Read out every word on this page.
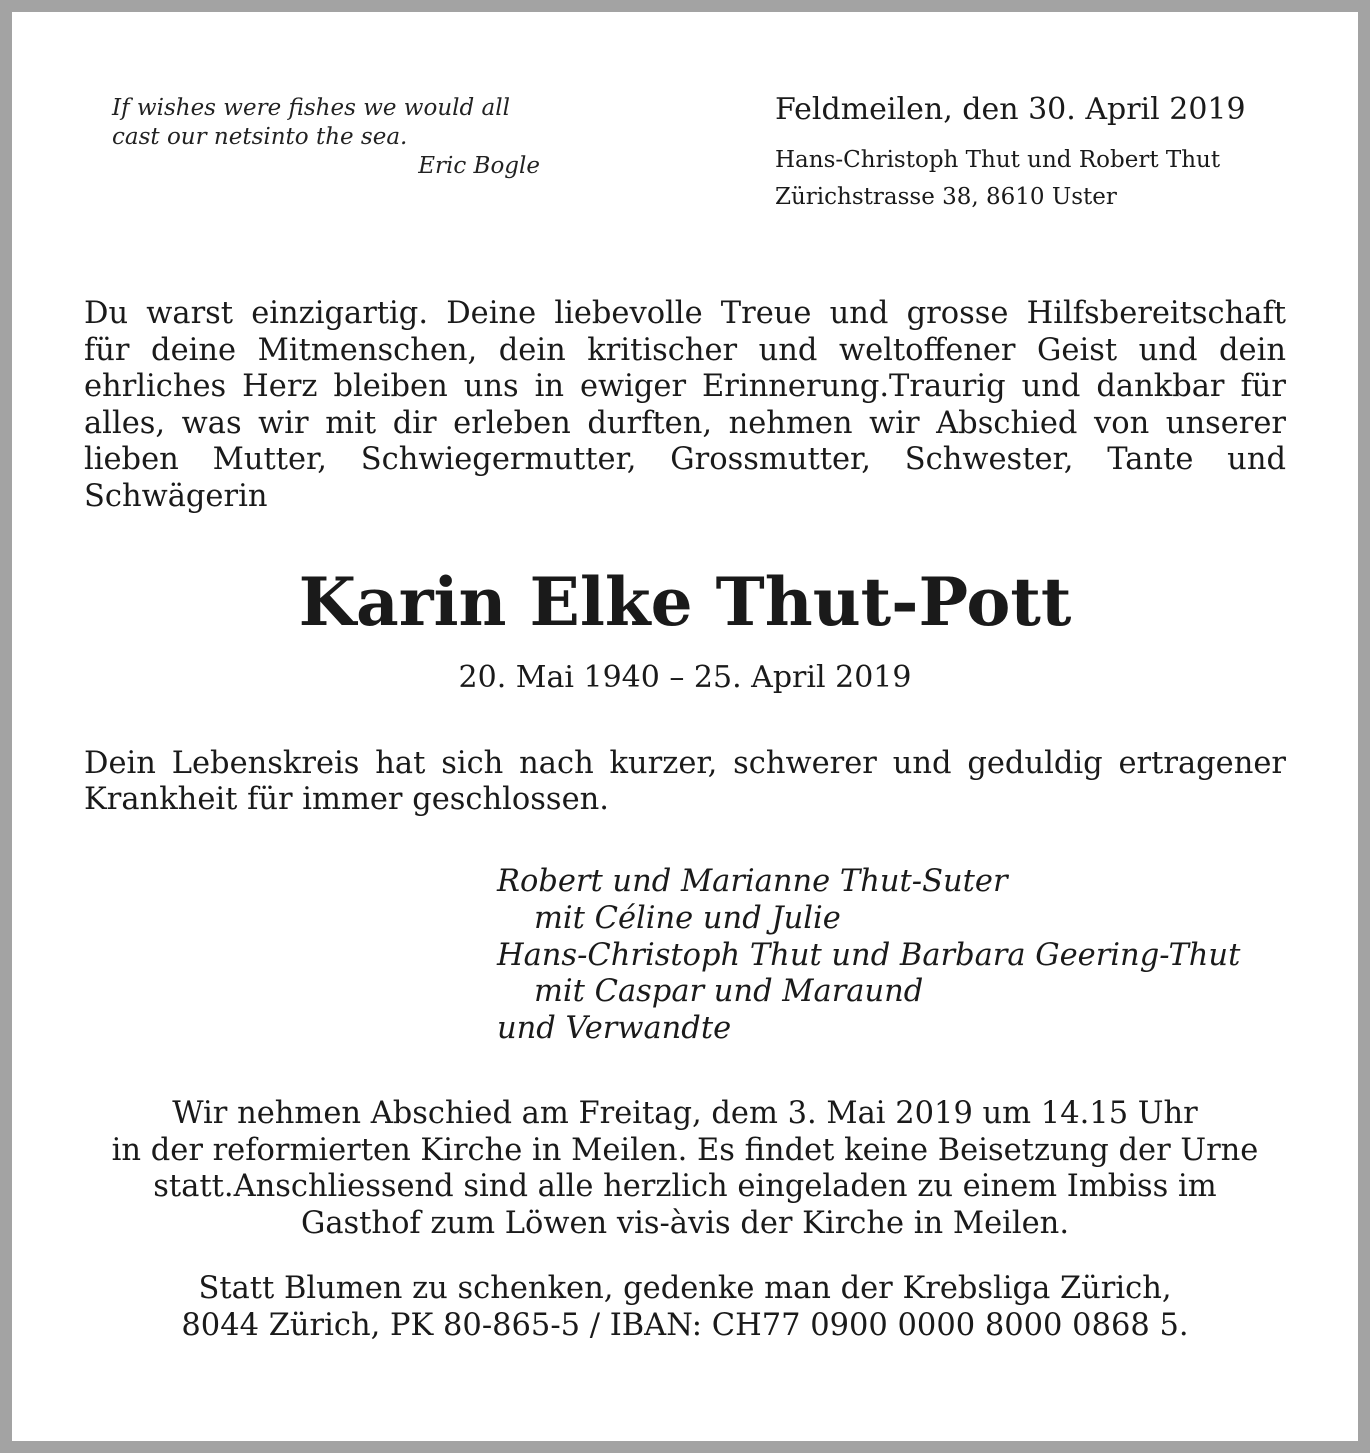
If wishes were fishes we would all
cast our netsinto the sea.
Eric Bogle
Feldmeilen, den 30. April 2019
Hans-Christoph Thut und Robert Thut
Zürichstrasse 38, 8610 Uster
Du warst einzigartig. Deine liebevolle Treue und grosse Hilfsbereitschaft
für deine Mitmenschen, dein kritischer und weltoffener Geist und dein
ehrliches Herz bleiben uns in ewiger Erinnerung.Traurig und dankbar für
alles, was wir mit dir erleben durften, nehmen wir Abschied von unserer
lieben Mutter, Schwiegermutter, Grossmutter, Schwester, Tante und
Schwägerin
Karin Elke Thut-Pott
20. Mai 1940 – 25. April 2019
Dein Lebenskreis hat sich nach kurzer, schwerer und geduldig ertragener
Krankheit für immer geschlossen.
Robert und Marianne Thut-Suter
mit Céline und Julie
Hans-Christoph Thut und Barbara Geering-Thut
mit Caspar und Maraund
und Verwandte
Wir nehmen Abschied am Freitag, dem 3. Mai 2019 um 14.15 Uhr
in der reformierten Kirche in Meilen. Es findet keine Beisetzung der Urne
statt.Anschliessend sind alle herzlich eingeladen zu einem Imbiss im
Gasthof zum Löwen vis-àvis der Kirche in Meilen.
Statt Blumen zu schenken, gedenke man der Krebsliga Zürich,
8044 Zürich, PK 80-865-5 / IBAN: CH77 0900 0000 8000 0868 5.
